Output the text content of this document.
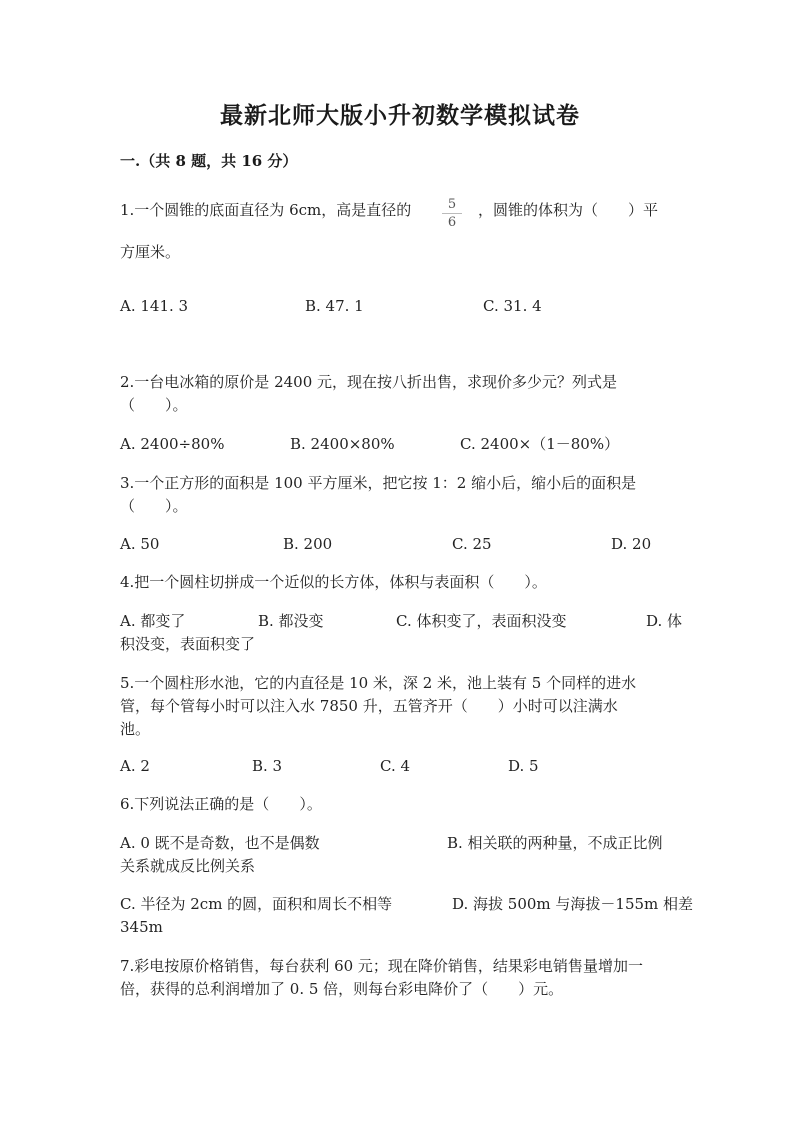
最新北师大版小升初数学模拟试卷
一.（共 8 题，共 16 分）
1.一个圆锥的底面直径为 6cm，高是直径的 $\frac{5}{6}$ ，圆锥的体积为（　　）平
方厘米。
A. 141. 3	B. 47. 1	C. 31. 4
2.一台电冰箱的原价是 2400 元，现在按八折出售，求现价多少元？列式是
（　　）。
A. 2400÷80%	B. 2400×80%	C. 2400×（1－80%）
3.一个正方形的面积是 100 平方厘米，把它按 1：2 缩小后，缩小后的面积是
（　　）。
A. 50	B. 200	C. 25	D. 20
4.把一个圆柱切拼成一个近似的长方体，体积与表面积（　　）。
A. 都变了	B. 都没变	C. 体积变了，表面积没变	D. 体
积没变，表面积变了
5.一个圆柱形水池，它的内直径是 10 米，深 2 米，池上装有 5 个同样的进水
管，每个管每小时可以注入水 7850 升，五管齐开（　　）小时可以注满水
池。
A. 2	B. 3	C. 4	D. 5
6.下列说法正确的是（　　）。
A. 0 既不是奇数，也不是偶数	B. 相关联的两种量，不成正比例
关系就成反比例关系
C. 半径为 2cm 的圆，面积和周长不相等	D. 海拔 500m 与海拔－155m 相差
345m
7.彩电按原价格销售，每台获利 60 元；现在降价销售，结果彩电销售量增加一
倍，获得的总利润增加了 0. 5 倍，则每台彩电降价了（　　）元。
